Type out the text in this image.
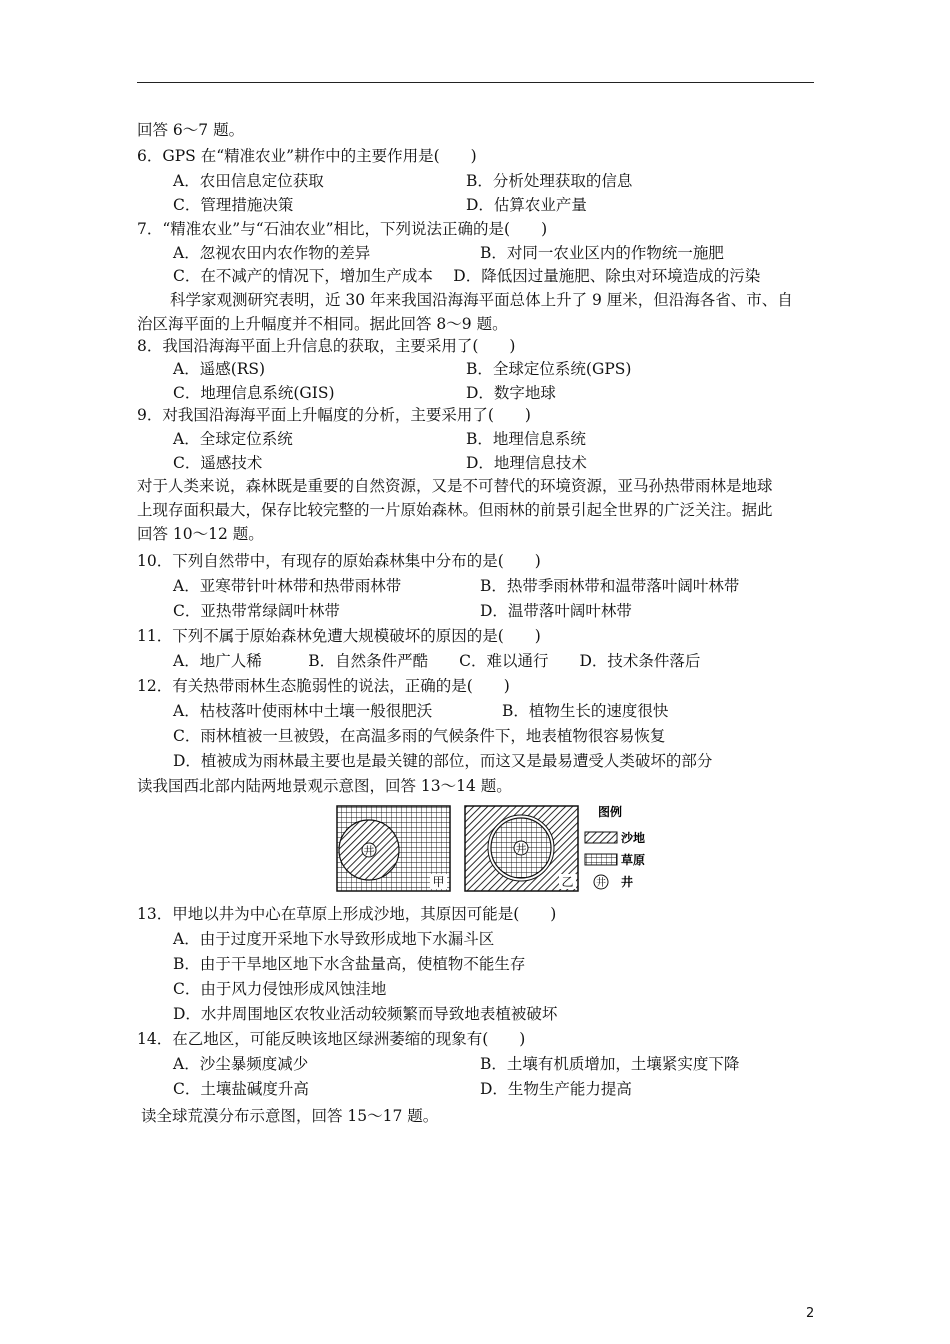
回答 6～7 题。
6．GPS 在“精准农业”耕作中的主要作用是(　　)
A．农田信息定位获取	B．分析处理获取的信息
C．管理措施决策	D．估算农业产量
7．“精准农业”与“石油农业”相比，下列说法正确的是(　　)
A．忽视农田内农作物的差异	B．对同一农业区内的作物统一施肥
C．在不减产的情况下，增加生产成本　 D．降低因过量施肥、除虫对环境造成的污染
科学家观测研究表明，近 30 年来我国沿海海平面总体上升了 9 厘米，但沿海各省、市、自
治区海平面的上升幅度并不相同。据此回答 8～9 题。
8．我国沿海海平面上升信息的获取，主要采用了(　　)
A．遥感(RS)	B．全球定位系统(GPS)
C．地理信息系统(GIS)	D．数字地球
9．对我国沿海海平面上升幅度的分析，主要采用了(　　)
A．全球定位系统	B．地理信息系统
C．遥感技术	D．地理信息技术
对于人类来说，森林既是重要的自然资源，又是不可替代的环境资源，亚马孙热带雨林是地球
上现存面积最大，保存比较完整的一片原始森林。但雨林的前景引起全世界的广泛关注。据此
回答 10～12 题。
10．下列自然带中，有现存的原始森林集中分布的是(　　)
A．亚寒带针叶林带和热带雨林带	B．热带季雨林带和温带落叶阔叶林带
C．亚热带常绿阔叶林带	D．温带落叶阔叶林带
11．下列不属于原始森林免遭大规模破坏的原因的是(　　)
A．地广人稀　　　B．自然条件严酷　　C．难以通行　　D．技术条件落后
12．有关热带雨林生态脆弱性的说法，正确的是(　　)
A．枯枝落叶使雨林中土壤一般很肥沃	B．植物生长的速度很快
C．雨林植被一旦被毁，在高温多雨的气候条件下，地表植物很容易恢复
D．植被成为雨林最主要也是最关键的部位，而这又是最易遭受人类破坏的部分
读我国西北部内陆两地景观示意图，回答 13～14 题。
井
甲
井
乙
图例
沙地
草原
井 井
13．甲地以井为中心在草原上形成沙地，其原因可能是(　　)
A．由于过度开采地下水导致形成地下水漏斗区
B．由于干旱地区地下水含盐量高，使植物不能生存
C．由于风力侵蚀形成风蚀洼地
D．水井周围地区农牧业活动较频繁而导致地表植被破坏
14．在乙地区，可能反映该地区绿洲萎缩的现象有(　　)
A．沙尘暴频度减少	B．土壤有机质增加，土壤紧实度下降
C．土壤盐碱度升高	D．生物生产能力提高
读全球荒漠分布示意图，回答 15～17 题。
2
